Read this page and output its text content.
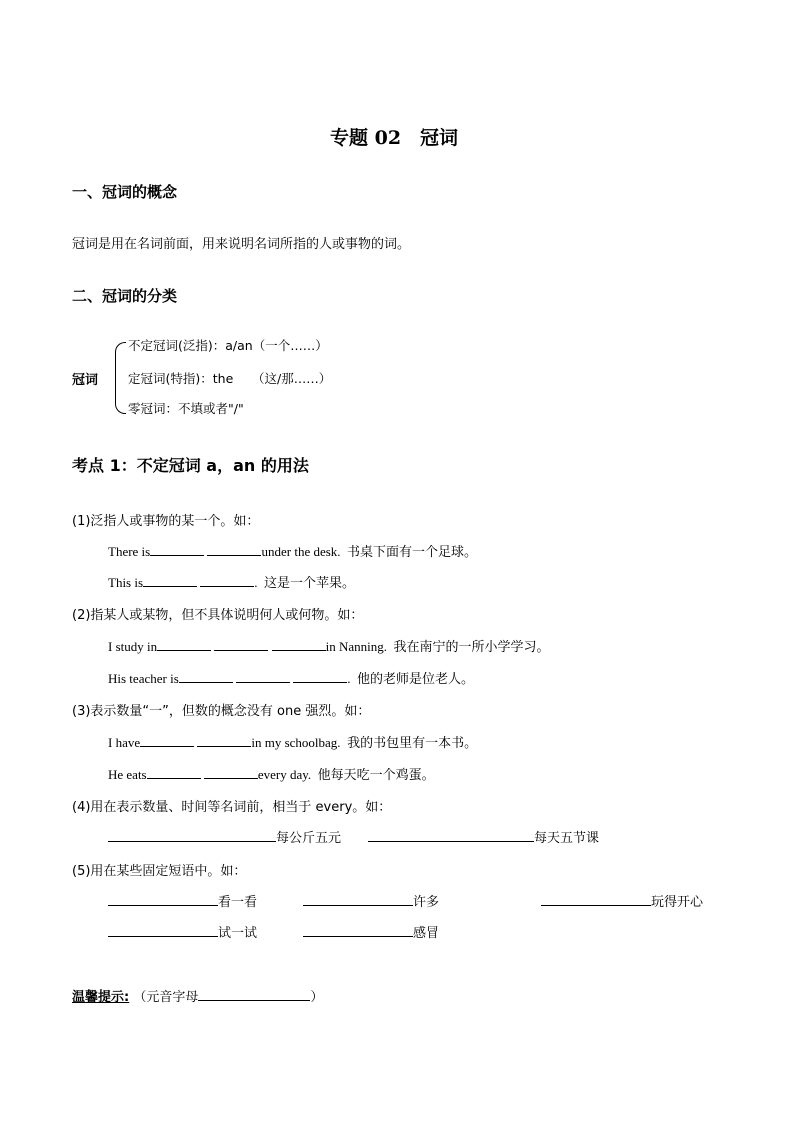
专题 02　冠词
一、冠词的概念
冠词是用在名词前面，用来说明名词所指的人或事物的词。
二、冠词的分类
冠词
不定冠词(泛指)：a/an（一个……）
定冠词(特指)：the　　（这/那……）
零冠词：不填或者"/"
考点 1：不定冠词 a，an 的用法
(1)泛指人或事物的某一个。如：
There is	under the desk. 书桌下面有一个足球。
This is	. 这是一个苹果。
(2)指某人或某物，但不具体说明何人或何物。如：
I study in	in Nanning. 我在南宁的一所小学学习。
His teacher is	. 他的老师是位老人。
(3)表示数量“一”，但数的概念没有 one 强烈。如：
I have	in my schoolbag. 我的书包里有一本书。
He eats	every day. 他每天吃一个鸡蛋。
(4)用在表示数量、时间等名词前，相当于 every。如：
每公斤五元	每天五节课
(5)用在某些固定短语中。如：
看一看	许多	玩得开心
试一试	感冒
温馨提示: （元音字母	）
